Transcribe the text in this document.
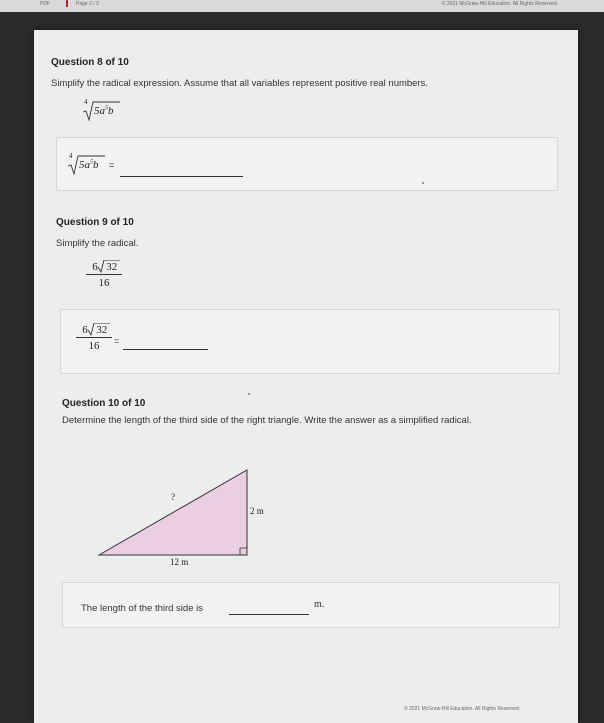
PDF	Page 2 / 3	© 2021 McGraw-Hill Education. All Rights Reserved.
Question 8 of 10
Simplify the radical expression. Assume that all variables represent positive real numbers.
4
$5a^5b$
4
$5a^5b$ =
Question 9 of 10
Simplify the radical.
$\frac{6 32}{16}$
$\frac{6 32}{16}$ =
Question 10 of 10
Determine the length of the third side of the right triangle. Write the answer as a simplified radical.
?
2 m
12 m
The length of the third side is	m.
© 2021 McGraw-Hill Education. All Rights Reserved.
